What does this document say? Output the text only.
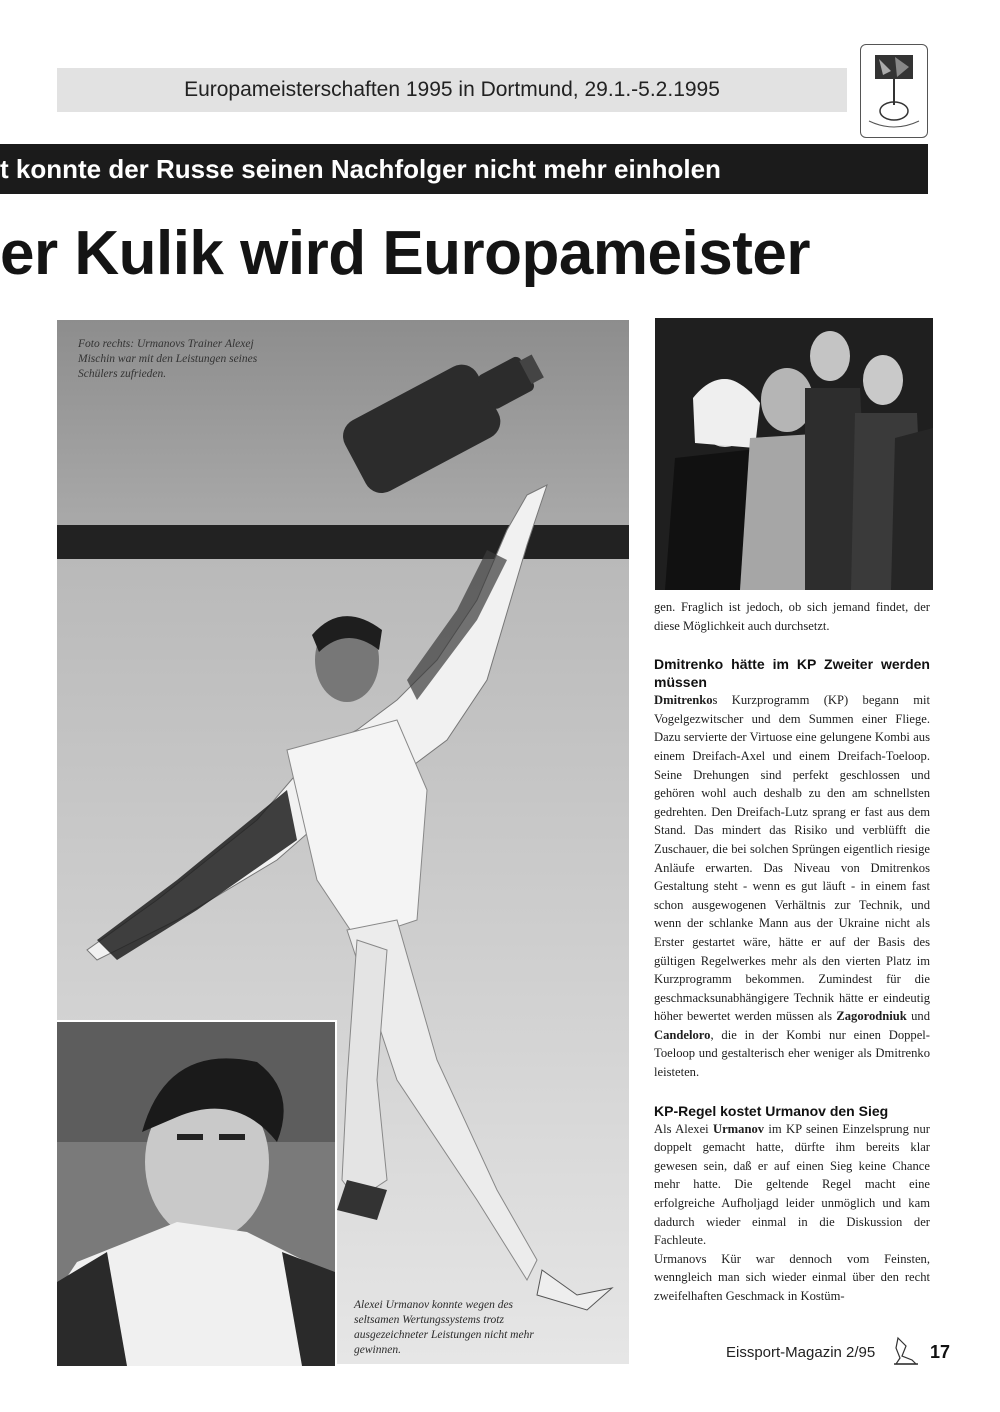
Europameisterschaften 1995 in Dortmund, 29.1.-5.2.1995
t konnte der Russe seinen Nachfolger nicht mehr einholen
er Kulik wird Europameister
Foto rechts: Urmanovs Trainer Alexej Mischin war mit den Leistungen seines Schülers zufrieden.
Alexei Urmanov konnte wegen des seltsamen Wertungssystems trotz ausgezeichneter Leistungen nicht mehr gewinnen.

gen. Fraglich ist jedoch, ob sich jemand findet, der diese Möglichkeit auch durchsetzt.

Dmitrenko hätte im KP Zweiter werden müssen

Dmitrenkos Kurzprogramm (KP) begann mit Vogelgezwitscher und dem Summen einer Fliege. Dazu servierte der Virtuose eine gelungene Kombi aus einem Dreifach-Axel und einem Dreifach-Toeloop. Seine Drehungen sind perfekt geschlossen und gehören wohl auch deshalb zu den am schnellsten gedrehten. Den Dreifach-Lutz sprang er fast aus dem Stand. Das mindert das Risiko und verblüfft die Zuschauer, die bei solchen Sprüngen eigentlich riesige Anläufe erwarten. Das Niveau von Dmitrenkos Gestaltung steht - wenn es gut läuft - in einem fast schon ausgewogenen Verhältnis zur Technik, und wenn der schlanke Mann aus der Ukraine nicht als Erster gestartet wäre, hätte er auf der Basis des gültigen Regelwerkes mehr als den vierten Platz im Kurzprogramm bekommen. Zumindest für die geschmacksunabhängigere Technik hätte er eindeutig höher bewertet werden müssen als Zagorodniuk und Candeloro, die in der Kombi nur einen Doppel-Toeloop und gestalterisch eher weniger als Dmitrenko leisteten.

KP-Regel kostet Urmanov den Sieg

Als Alexei Urmanov im KP seinen Einzelsprung nur doppelt gemacht hatte, dürfte ihm bereits klar gewesen sein, daß er auf einen Sieg keine Chance mehr hatte. Die geltende Regel macht eine erfolgreiche Aufholjagd leider unmöglich und kam dadurch wieder einmal in die Diskussion der Fachleute.

Urmanovs Kür war dennoch vom Feinsten, wenngleich man sich wieder einmal über den recht zweifelhaften Geschmack in Kostüm-

Eissport-Magazin 2/95	17
